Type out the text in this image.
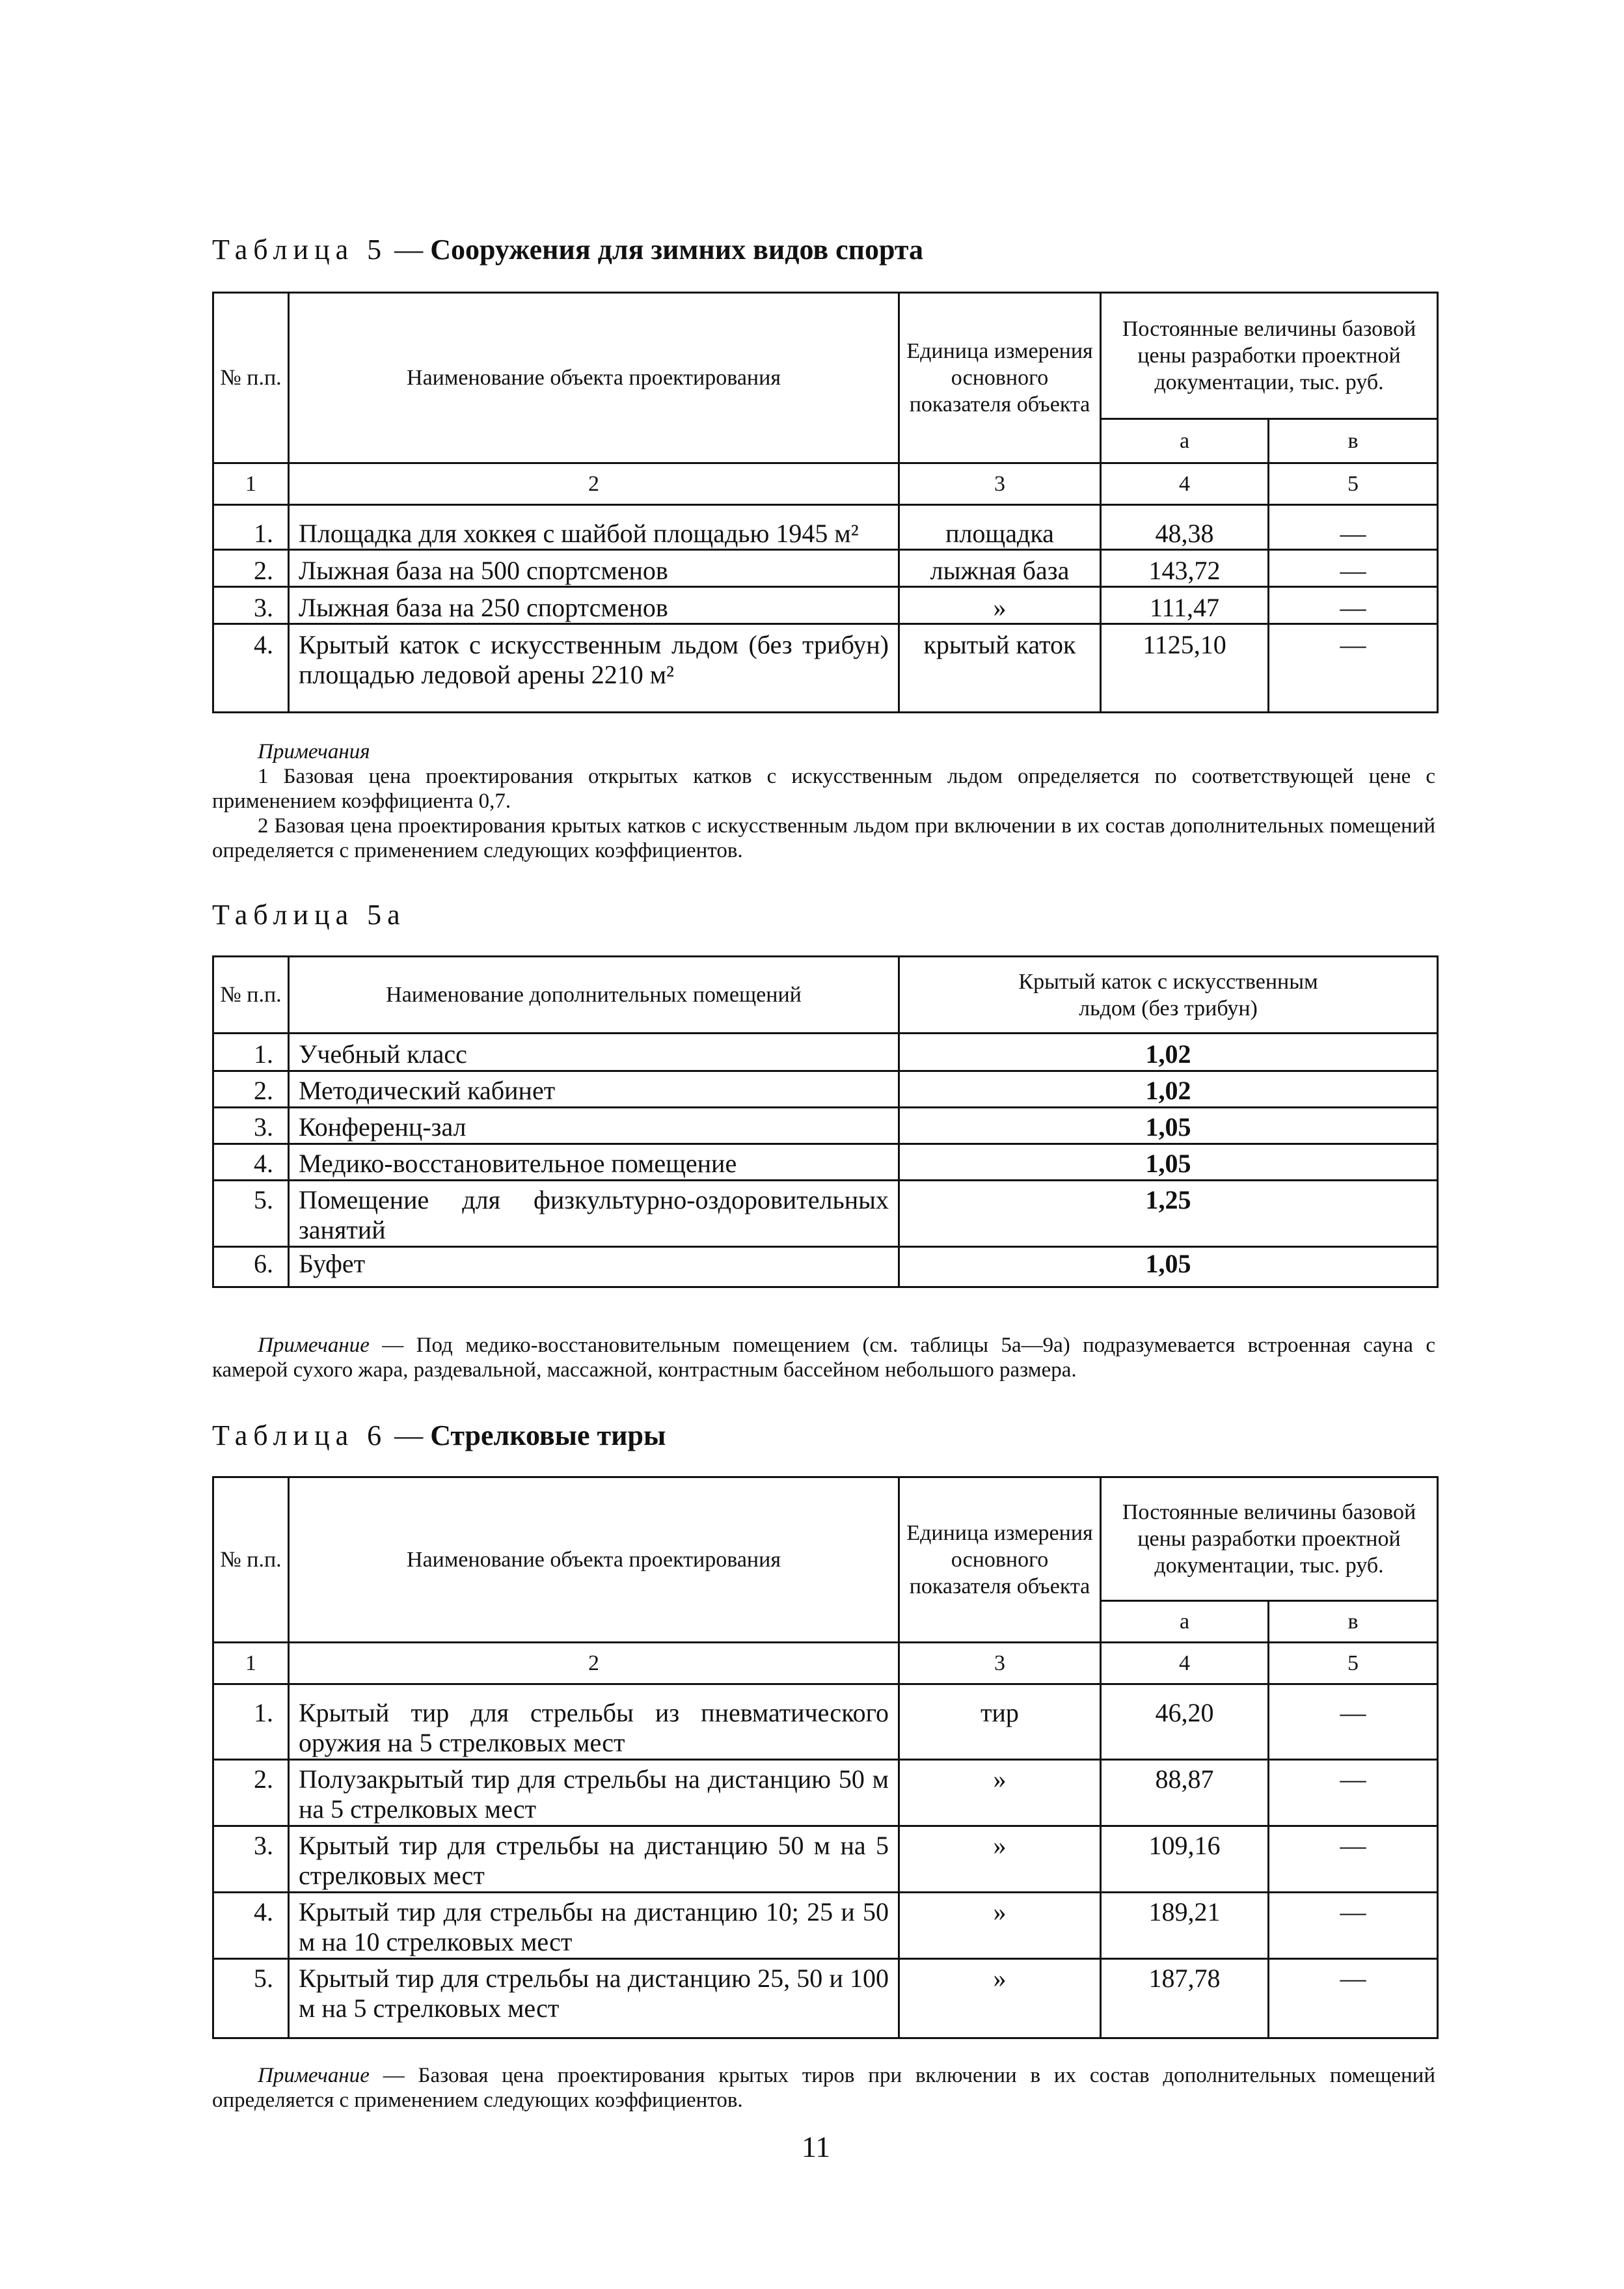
Таблица 5 — Сооружения для зимних видов спорта
№ п.п.	Наименование объекта проектирования	Единица измерения основного показателя объекта	Постоянные величины базовой цены разработки проектной документации, тыс. руб.	
			а	в
1	2	3	4	5

1.	Площадка для хоккея с шайбой площадью 1945 м²	площадка	48,38	—

2.	Лыжная база на 500 спортсменов	лыжная база	143,72	—

3.	Лыжная база на 250 спортсменов	»	111,47	—

4.	Крытый каток с искусственным льдом (без трибун) площадью ледовой арены 2210 м²	крытый каток	1125,10	—
Примечания
1 Базовая цена проектирования открытых катков с искусственным льдом определяется по соответствующей цене с применением коэффициента 0,7.
2 Базовая цена проектирования крытых катков с искусственным льдом при включении в их состав дополнительных помещений определяется с применением следующих коэффициентов.
Таблица 5а
№ п.п.	Наименование дополнительных помещений	Крытый каток с искусственным льдом (без трибун)

1.	Учебный класс	1,02

2.	Методический кабинет	1,02

3.	Конференц-зал	1,05

4.	Медико-восстановительное помещение	1,05

5.	Помещение для физкультурно-оздоровительных занятий	1,25

6.	Буфет	1,05
Примечание — Под медико-восстановительным помещением (см. таблицы 5а—9а) подразумевается встроенная сауна с камерой сухого жара, раздевальной, массажной, контрастным бассейном небольшого размера.
Таблица 6 — Стрелковые тиры
№ п.п.	Наименование объекта проектирования	Единица измерения основного показателя объекта	Постоянные величины базовой цены разработки проектной документации, тыс. руб.	
			а	в
1	2	3	4	5

1.	Крытый тир для стрельбы из пневматического оружия на 5 стрелковых мест	тир	46,20	—

2.	Полузакрытый тир для стрельбы на дистанцию 50 м на 5 стрелковых мест	»	88,87	—

3.	Крытый тир для стрельбы на дистанцию 50 м на 5 стрелковых мест	»	109,16	—

4.	Крытый тир для стрельбы на дистанцию 10; 25 и 50 м на 10 стрелковых мест	»	189,21	—

5.	Крытый тир для стрельбы на дистанцию 25, 50 и 100 м на 5 стрелковых мест	»	187,78	—
Примечание — Базовая цена проектирования крытых тиров при включении в их состав дополнительных помещений определяется с применением следующих коэффициентов.
11
